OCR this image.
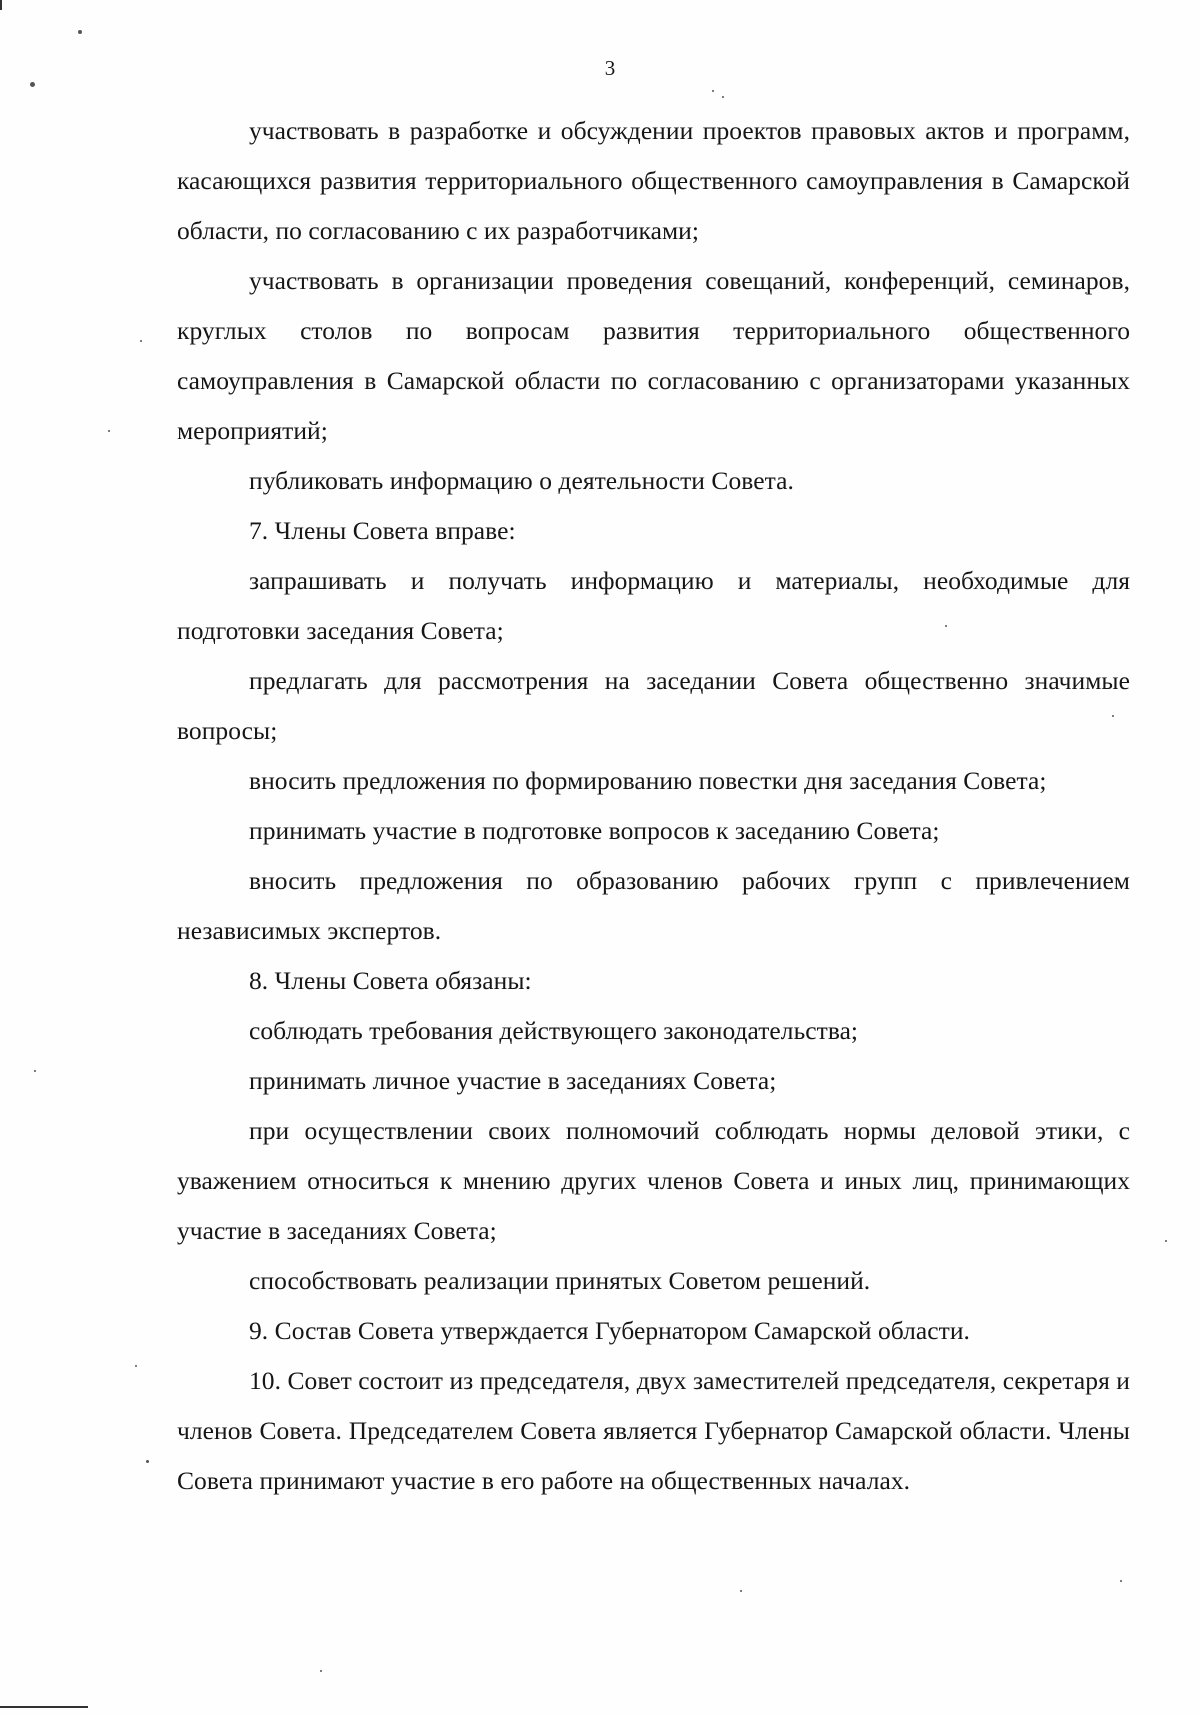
3

участвовать в разработке и обсуждении проектов правовых актов и программ, касающихся развития территориального общественного самоуправления в Самарской области, по согласованию с их разработчиками;

участвовать в организации проведения совещаний, конференций, семинаров, круглых столов по вопросам развития территориального общественного самоуправления в Самарской области по согласованию с организаторами указанных мероприятий;

публиковать информацию о деятельности Совета.

7. Члены Совета вправе:

запрашивать и получать информацию и материалы, необходимые для подготовки заседания Совета;

предлагать для рассмотрения на заседании Совета общественно значимые вопросы;

вносить предложения по формированию повестки дня заседания Совета;

принимать участие в подготовке вопросов к заседанию Совета;

вносить предложения по образованию рабочих групп с привлечением независимых экспертов.

8. Члены Совета обязаны:

соблюдать требования действующего законодательства;

принимать личное участие в заседаниях Совета;

при осуществлении своих полномочий соблюдать нормы деловой этики, с уважением относиться к мнению других членов Совета и иных лиц, принимающих участие в заседаниях Совета;

способствовать реализации принятых Советом решений.

9. Состав Совета утверждается Губернатором Самарской области.

10. Совет состоит из председателя, двух заместителей председателя, секретаря и членов Совета. Председателем Совета является Губернатор Самарской области. Члены Совета принимают участие в его работе на общественных началах.
